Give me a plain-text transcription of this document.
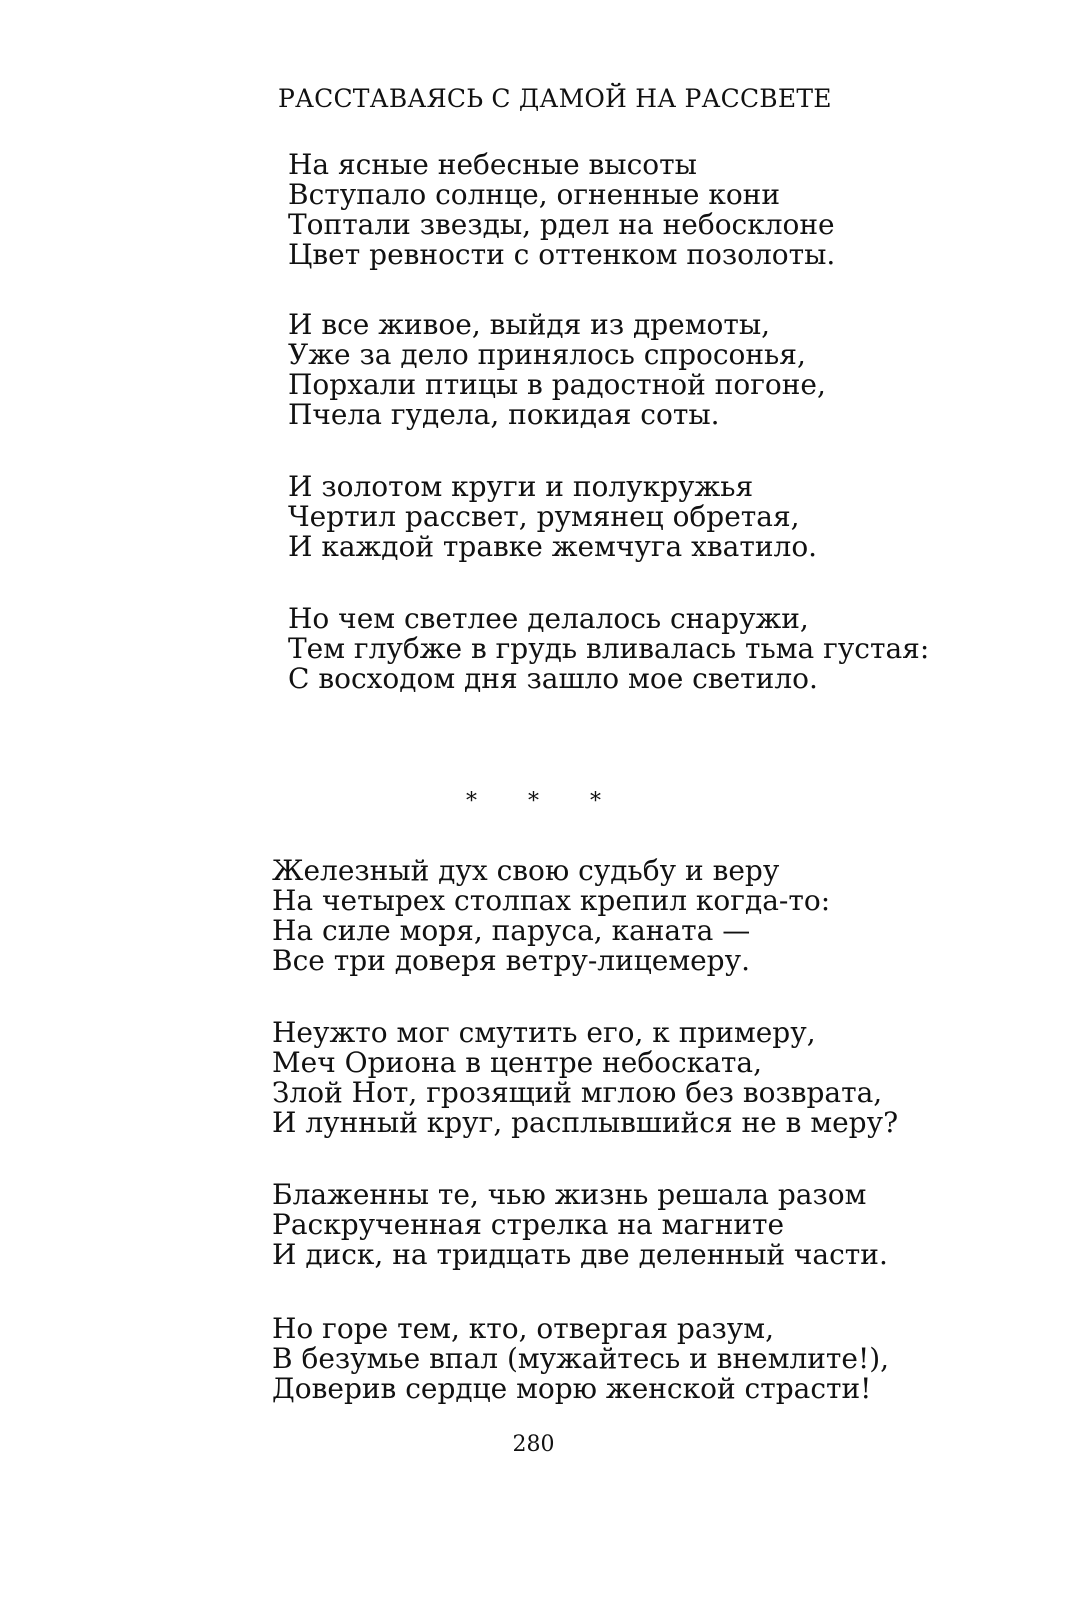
РАССТАВАЯСЬ С ДАМОЙ НА РАССВЕТЕ
На ясные небесные высоты
Вступало солнце, огненные кони
Топтали звезды, рдел на небосклоне
Цвет ревности с оттенком позолоты.
И все живое, выйдя из дремоты,
Уже за дело принялось спросонья,
Порхали птицы в радостной погоне,
Пчела гудела, покидая соты.
И золотом круги и полукружья
Чертил рассвет, румянец обретая,
И каждой травке жемчуга хватило.
Но чем светлее делалось снаружи,
Тем глубже в грудь вливалась тьма густая:
С восходом дня зашло мое светило.
* * *
Железный дух свою судьбу и веру
На четырех столпах крепил когда-то:
На силе моря, паруса, каната —
Все три доверя ветру-лицемеру.
Неужто мог смутить его, к примеру,
Меч Ориона в центре небоската,
Злой Нот, грозящий мглою без возврата,
И лунный круг, расплывшийся не в меру?
Блаженны те, чью жизнь решала разом
Раскрученная стрелка на магните
И диск, на тридцать две деленный части.
Но горе тем, кто, отвергая разум,
В безумье впал (мужайтесь и внемлите!),
Доверив сердце морю женской страсти!
280
